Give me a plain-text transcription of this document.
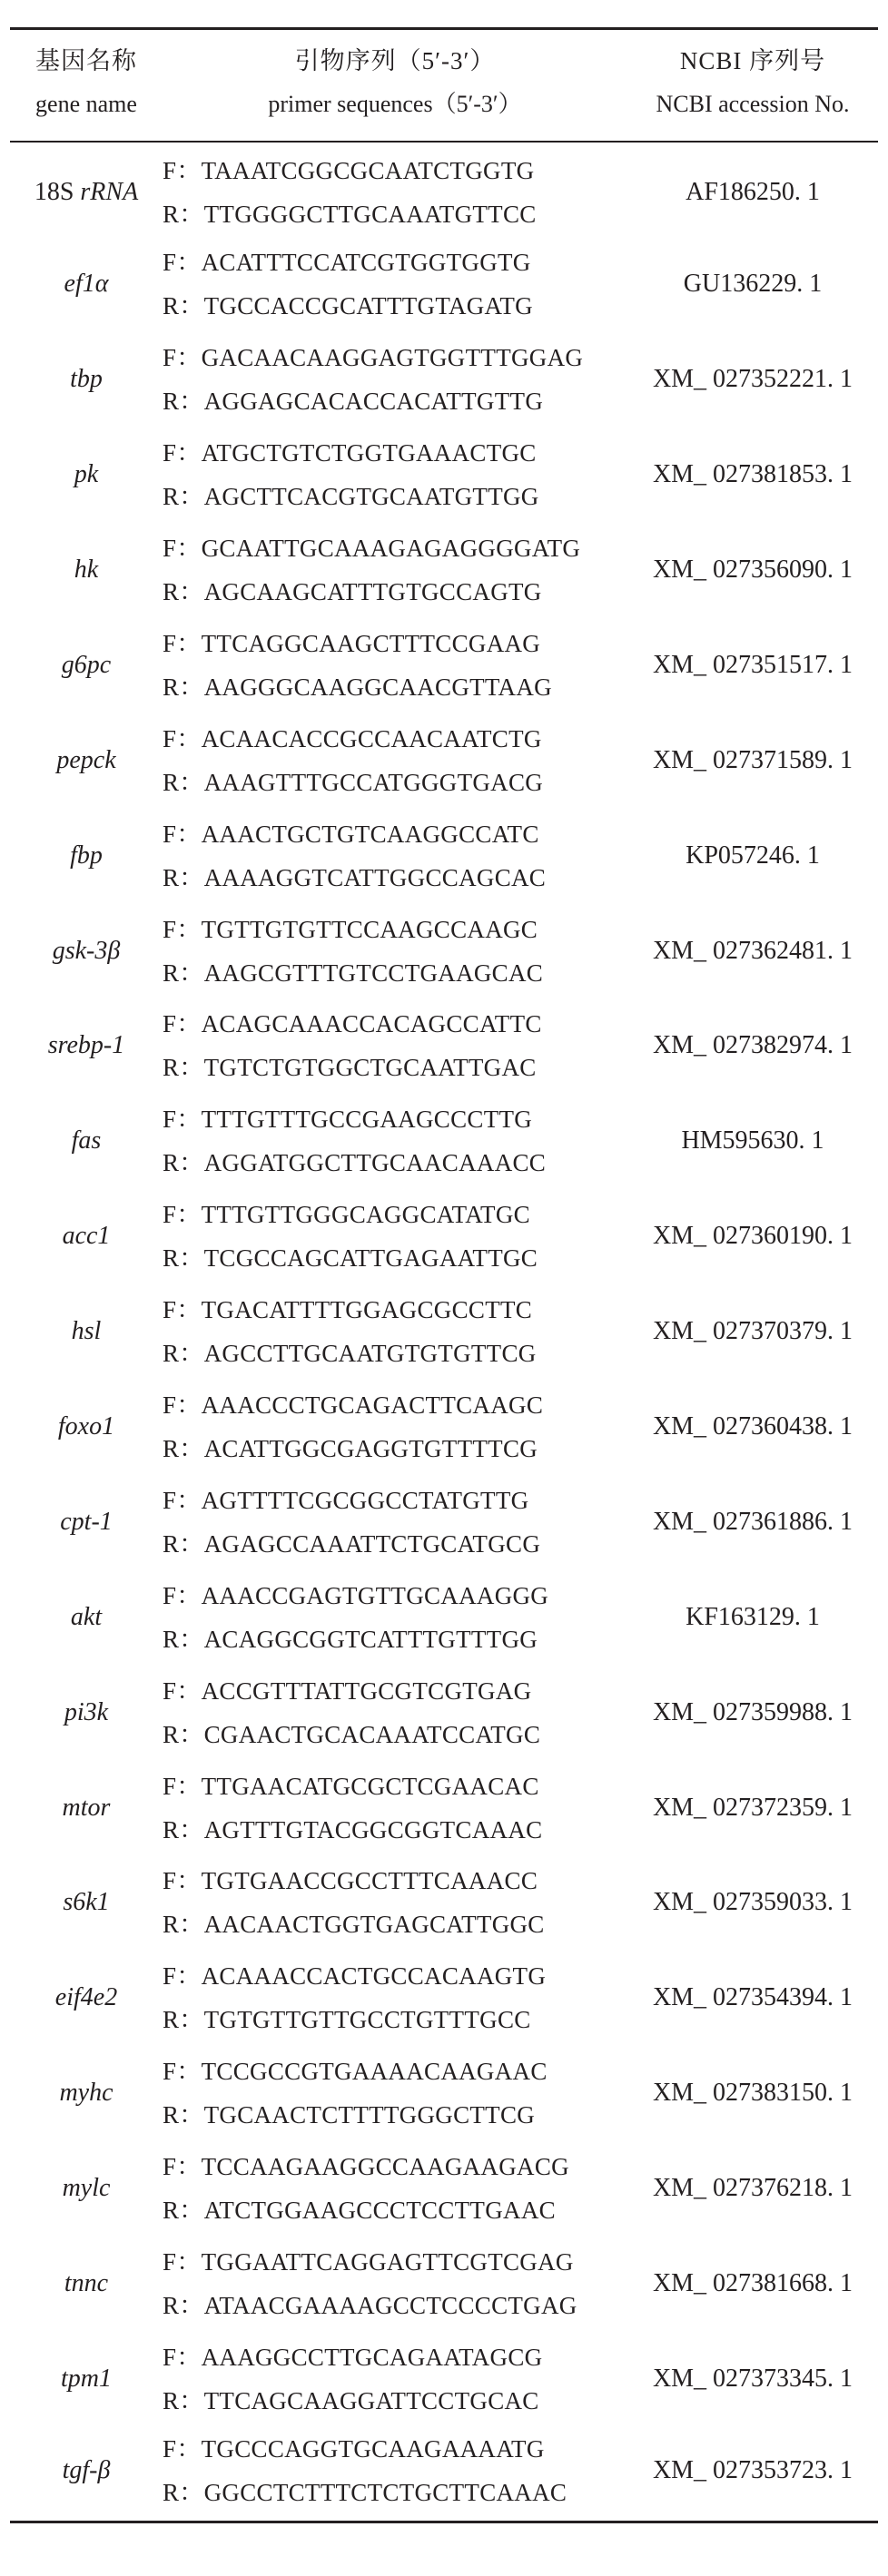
基因名称	引物序列（5′-3′）	NCBI 序列号
gene name	primer sequences（5′-3′）	NCBI accession No.
18S rRNA	F：TAAATCGGCGCAATCTGGTG
R：TTGGGGCTTGCAAATGTTCC	AF186250. 1
ef1α	F：ACATTTCCATCGTGGTGGTG
R：TGCCACCGCATTTGTAGATG	GU136229. 1
tbp	F：GACAACAAGGAGTGGTTTGGAG
R：AGGAGCACACCACATTGTTG	XM_ 027352221. 1
pk	F：ATGCTGTCTGGTGAAACTGC
R：AGCTTCACGTGCAATGTTGG	XM_ 027381853. 1
hk	F：GCAATTGCAAAGAGAGGGGATG
R：AGCAAGCATTTGTGCCAGTG	XM_ 027356090. 1
g6pc	F：TTCAGGCAAGCTTTCCGAAG
R：AAGGGCAAGGCAACGTTAAG	XM_ 027351517. 1
pepck	F：ACAACACCGCCAACAATCTG
R：AAAGTTTGCCATGGGTGACG	XM_ 027371589. 1
fbp	F：AAACTGCTGTCAAGGCCATC
R：AAAAGGTCATTGGCCAGCAC	KP057246. 1
gsk-3β	F：TGTTGTGTTCCAAGCCAAGC
R：AAGCGTTTGTCCTGAAGCAC	XM_ 027362481. 1
srebp-1	F：ACAGCAAACCACAGCCATTC
R：TGTCTGTGGCTGCAATTGAC	XM_ 027382974. 1
fas	F：TTTGTTTGCCGAAGCCCTTG
R：AGGATGGCTTGCAACAAACC	HM595630. 1
acc1	F：TTTGTTGGGCAGGCATATGC
R：TCGCCAGCATTGAGAATTGC	XM_ 027360190. 1
hsl	F：TGACATTTTGGAGCGCCTTC
R：AGCCTTGCAATGTGTGTTCG	XM_ 027370379. 1
foxo1	F：AAACCCTGCAGACTTCAAGC
R：ACATTGGCGAGGTGTTTTCG	XM_ 027360438. 1
cpt-1	F：AGTTTTCGCGGCCTATGTTG
R：AGAGCCAAATTCTGCATGCG	XM_ 027361886. 1
akt	F：AAACCGAGTGTTGCAAAGGG
R：ACAGGCGGTCATTTGTTTGG	KF163129. 1
pi3k	F：ACCGTTTATTGCGTCGTGAG
R：CGAACTGCACAAATCCATGC	XM_ 027359988. 1
mtor	F：TTGAACATGCGCTCGAACAC
R：AGTTTGTACGGCGGTCAAAC	XM_ 027372359. 1
s6k1	F：TGTGAACCGCCTTTCAAACC
R：AACAACTGGTGAGCATTGGC	XM_ 027359033. 1
eif4e2	F：ACAAACCACTGCCACAAGTG
R：TGTGTTGTTGCCTGTTTGCC	XM_ 027354394. 1
myhc	F：TCCGCCGTGAAAACAAGAAC
R：TGCAACTCTTTTGGGCTTCG	XM_ 027383150. 1
mylc	F：TCCAAGAAGGCCAAGAAGACG
R：ATCTGGAAGCCCTCCTTGAAC	XM_ 027376218. 1
tnnc	F：TGGAATTCAGGAGTTCGTCGAG
R：ATAACGAAAAGCCTCCCCTGAG	XM_ 027381668. 1
tpm1	F：AAAGGCCTTGCAGAATAGCG
R：TTCAGCAAGGATTCCTGCAC	XM_ 027373345. 1
tgf-β	F：TGCCCAGGTGCAAGAAAATG
R：GGCCTCTTTCTCTGCTTCAAAC	XM_ 027353723. 1
